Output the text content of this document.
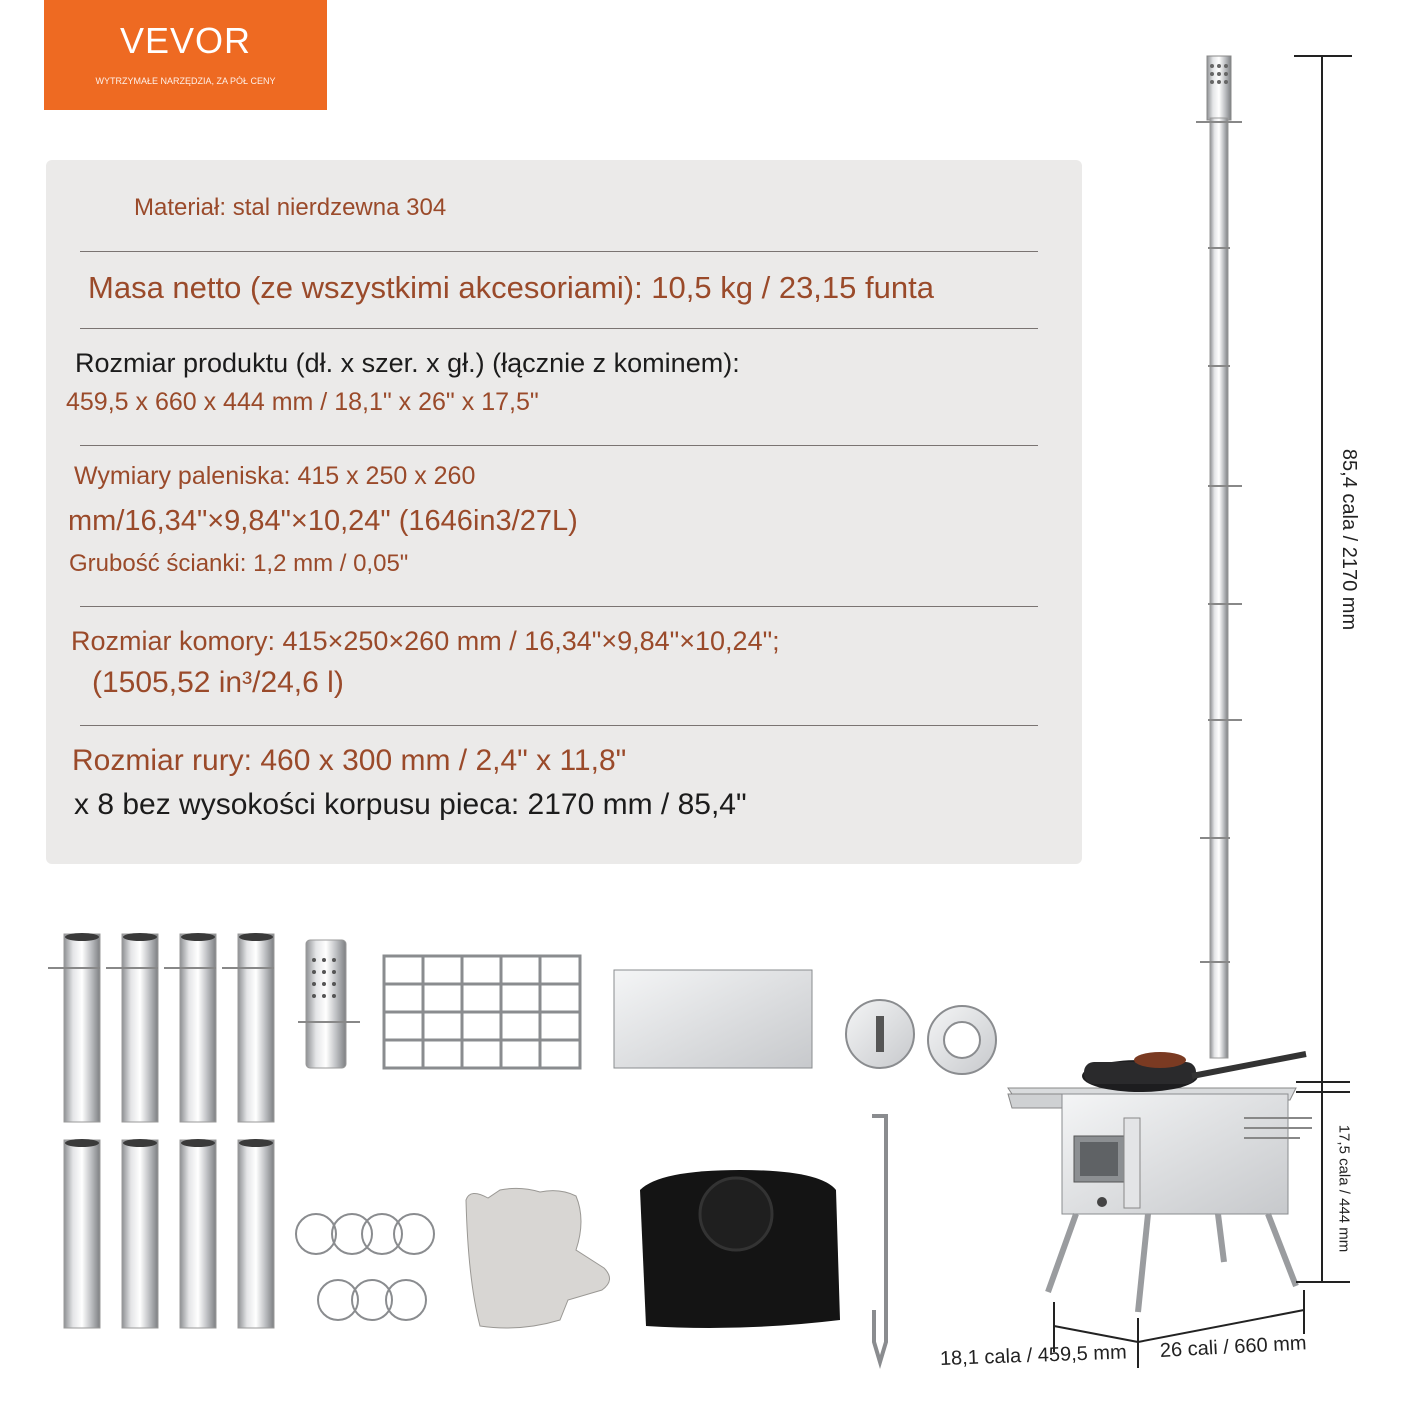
VEVOR
WYTRZYMAŁE NARZĘDZIA, ZA PÓŁ CENY
Materiał: stal nierdzewna 304
Masa netto (ze wszystkimi akcesoriami): 10,5 kg / 23,15 funta
Rozmiar produktu (dł. x szer. x gł.) (łącznie z kominem):
459,5 x 660 x 444 mm / 18,1" x 26" x 17,5"
Wymiary paleniska: 415 x 250 x 260
mm/16,34"×9,84"×10,24" (1646in3/27L)
Grubość ścianki: 1,2 mm / 0,05"
Rozmiar komory: 415×250×260 mm / 16,34"×9,84"×10,24";
(1505,52 in³/24,6 l)
Rozmiar rury: 460 x 300 mm / 2,4" x 11,8"
x 8 bez wysokości korpusu pieca: 2170 mm / 85,4"
85,4 cala / 2170 mm
17,5 cala / 444 mm
18,1 cala / 459,5 mm 26 cali / 660 mm
